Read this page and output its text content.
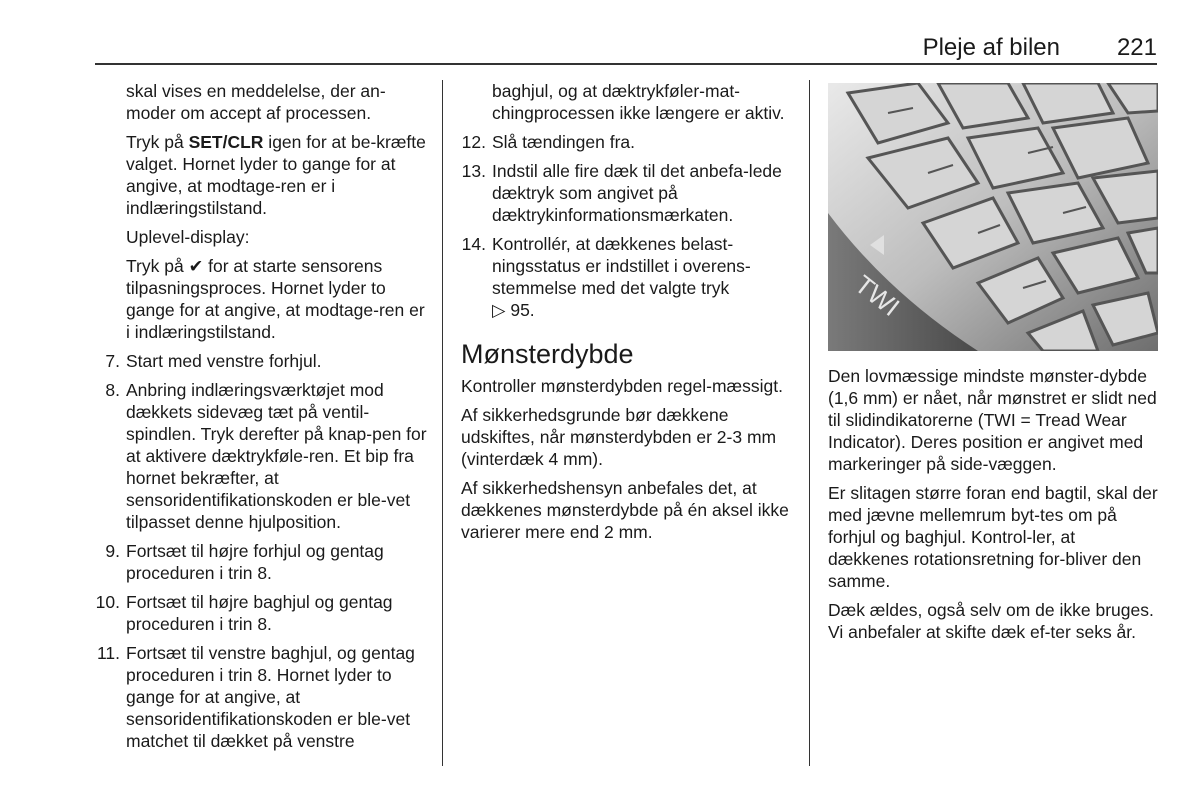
Pleje af bilen	221

skal vises en meddelelse, der an-moder om accept af processen.

Tryk på SET/CLR igen for at be-kræfte valget. Hornet lyder to gange for at angive, at modtage-ren er i indlæringstilstand.

Uplevel-display:

Tryk på ✔ for at starte sensorens tilpasningsproces. Hornet lyder to gange for at angive, at modtage-ren er i indlæringstilstand.

7. Start med venstre forhjul.
8. Anbring indlæringsværktøjet mod dækkets sidevæg tæt på ventil-spindlen. Tryk derefter på knap-pen for at aktivere dæktrykføle-ren. Et bip fra hornet bekræfter, at sensoridentifikationskoden er ble-vet tilpasset denne hjulposition.
9. Fortsæt til højre forhjul og gentag proceduren i trin 8.
10. Fortsæt til højre baghjul og gentag proceduren i trin 8.
11. Fortsæt til venstre baghjul, og gentag proceduren i trin 8. Hornet lyder to gange for at angive, at sensoridentifikationskoden er ble-vet matchet til dækket på venstre

baghjul, og at dæktrykføler-mat-chingprocessen ikke længere er aktiv.

12. Slå tændingen fra.
13. Indstil alle fire dæk til det anbefa-lede dæktryk som angivet på dæktrykinformationsmærkaten.
14. Kontrollér, at dækkenes belast-ningsstatus er indstillet i overens-stemmelse med det valgte tryk
▷ 95.
Mønsterdybde

Kontroller mønsterdybden regel-mæssigt.

Af sikkerhedsgrunde bør dækkene udskiftes, når mønsterdybden er 2-3 mm (vinterdæk 4 mm).

Af sikkerhedshensyn anbefales det, at dækkenes mønsterdybde på én aksel ikke varierer mere end 2 mm.

TWI

Den lovmæssige mindste mønster-dybde (1,6 mm) er nået, når mønstret er slidt ned til slidindikatorerne (TWI = Tread Wear Indicator). Deres position er angivet med markeringer på side-væggen.

Er slitagen større foran end bagtil, skal der med jævne mellemrum byt-tes om på forhjul og baghjul. Kontrol-ler, at dækkenes rotationsretning for-bliver den samme.

Dæk ældes, også selv om de ikke bruges. Vi anbefaler at skifte dæk ef-ter seks år.
